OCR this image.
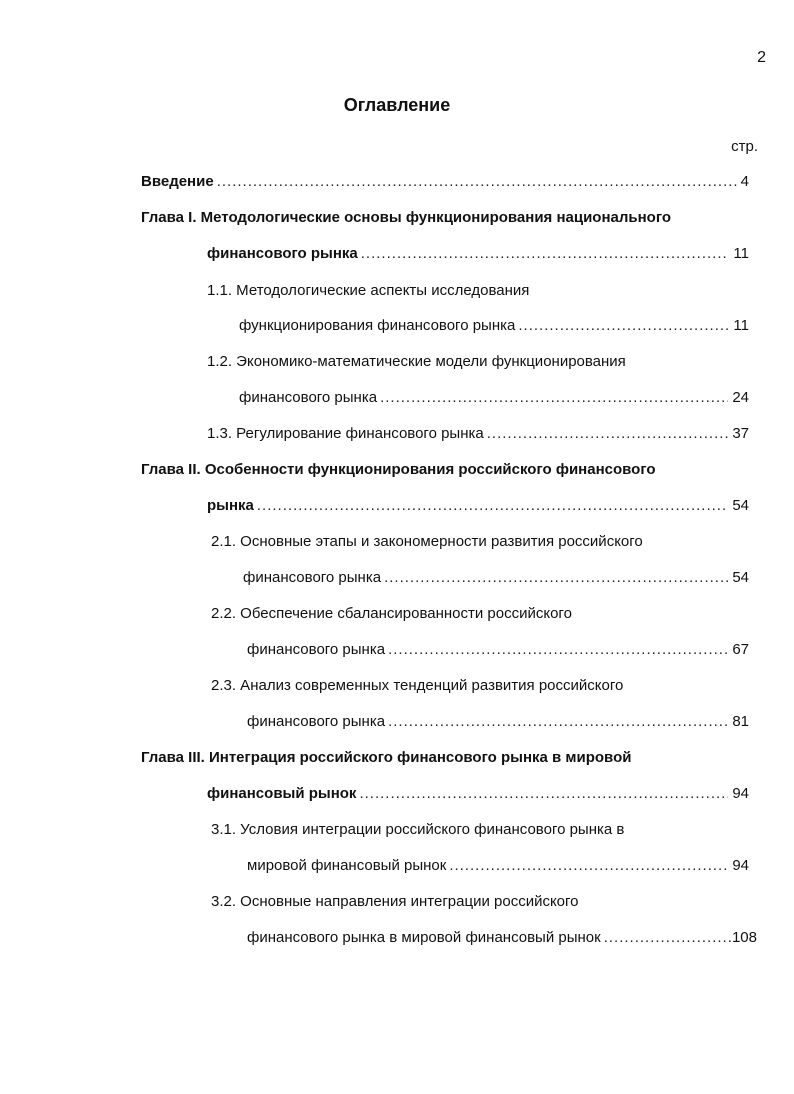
2
Оглавление
стр.
Введение .....	4
Глава I. Методологические основы функционирования национального
финансового рынка .....	11
1.1. Методологические аспекты исследования
функционирования финансового рынка .....	11
1.2. Экономико-математические модели функционирования
финансового рынка .....	24
1.3. Регулирование финансового рынка .....	37
Глава II. Особенности функционирования российского финансового
рынка .....	54
2.1. Основные этапы и закономерности развития российского
финансового рынка .....	54
2.2. Обеспечение сбалансированности российского
финансового рынка .....	67
2.3. Анализ современных тенденций развития российского
финансового рынка .....	81
Глава III. Интеграция российского финансового рынка в мировой
финансовый рынок .....	94
3.1. Условия интеграции российского финансового рынка в
мировой финансовый рынок .....	94
3.2. Основные направления интеграции российского
финансового рынка в мировой финансовый рынок .....	108
